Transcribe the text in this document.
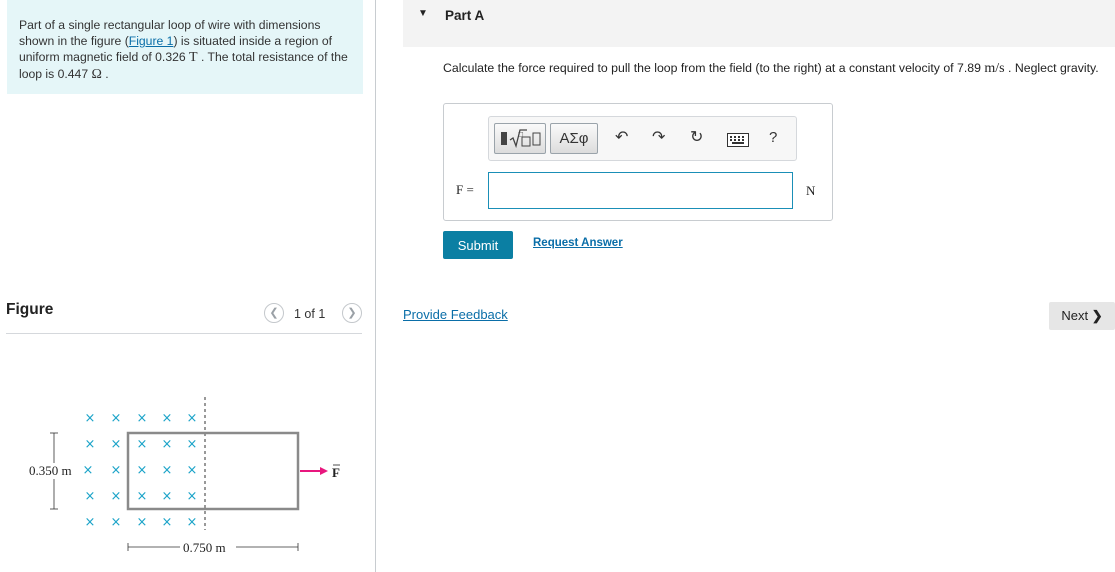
Part of a single rectangular loop of wire with dimensions shown in the figure (Figure 1) is situated inside a region of uniform magnetic field of 0.326 T . The total resistance of the loop is 0.447 Ω .
Figure	❮	1 of 1	❯
× × × × ×
× × × × ×
× × × × ×
× × × × ×
× × × × ×
0.350 m
0.750 m
F
▼ Part A
Calculate the force required to pull the loop from the field (to the right) at a constant velocity of 7.89 m/s . Neglect gravity.
□	ΑΣφ	↶ ↷ ↻	?
F =	N
Submit	Request Answer
Provide Feedback	Next ❯
